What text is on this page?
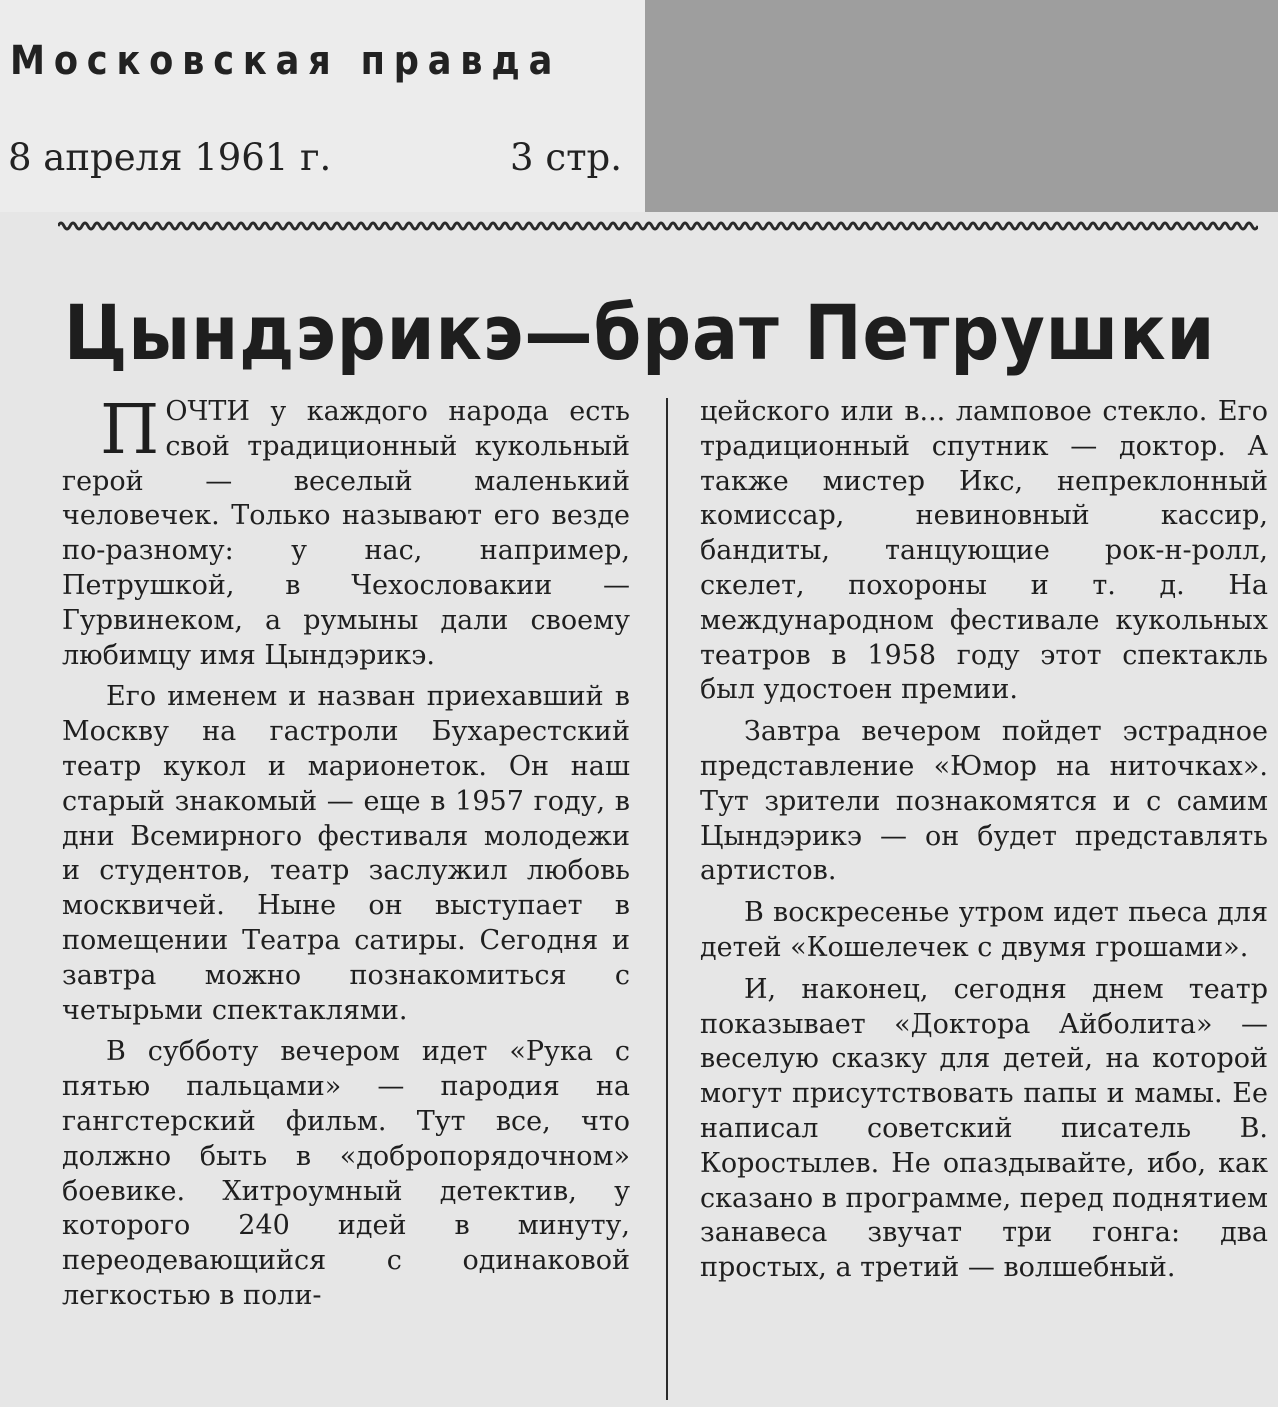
Московская правда
8 апреля 1961 г.	3 стр.
Цындэрикэ—брат Петрушки

ПОЧТИ у каждого народа есть свой традиционный кукольный герой — веселый маленький человечек. Только называют его везде по-разному: у нас, например, Петрушкой, в Чехословакии — Гурвинеком, а румыны дали своему любимцу имя Цындэрикэ.

Его именем и назван приехавший в Москву на гастроли Бухарестский театр кукол и марионеток. Он наш старый знакомый — еще в 1957 году, в дни Всемирного фестиваля молодежи и студентов, театр заслужил любовь москвичей. Ныне он выступает в помещении Театра сатиры. Сегодня и завтра можно познакомиться с четырьми спектаклями.

В субботу вечером идет «Рука с пятью пальцами» — пародия на гангстерский фильм. Тут все, что должно быть в «добропорядочном» боевике. Хитроумный детектив, у которого 240 идей в минуту, переодевающийся с одинаковой легкостью в поли-

цейского или в... ламповое стекло. Его традиционный спутник — доктор. А также мистер Икс, непреклонный комиссар, невиновный кассир, бандиты, танцующие рок-н-ролл, скелет, похороны и т. д. На международном фестивале кукольных театров в 1958 году этот спектакль был удостоен премии.

Завтра вечером пойдет эстрадное представление «Юмор на ниточках». Тут зрители познакомятся и с самим Цындэрикэ — он будет представлять артистов.

В воскресенье утром идет пьеса для детей «Кошелечек с двумя грошами».

И, наконец, сегодня днем театр показывает «Доктора Айболита» — веселую сказку для детей, на которой могут присутствовать папы и мамы. Ее написал советский писатель В. Коростылев. Не опаздывайте, ибо, как сказано в программе, перед поднятием занавеса звучат три гонга: два простых, а третий — волшебный.
